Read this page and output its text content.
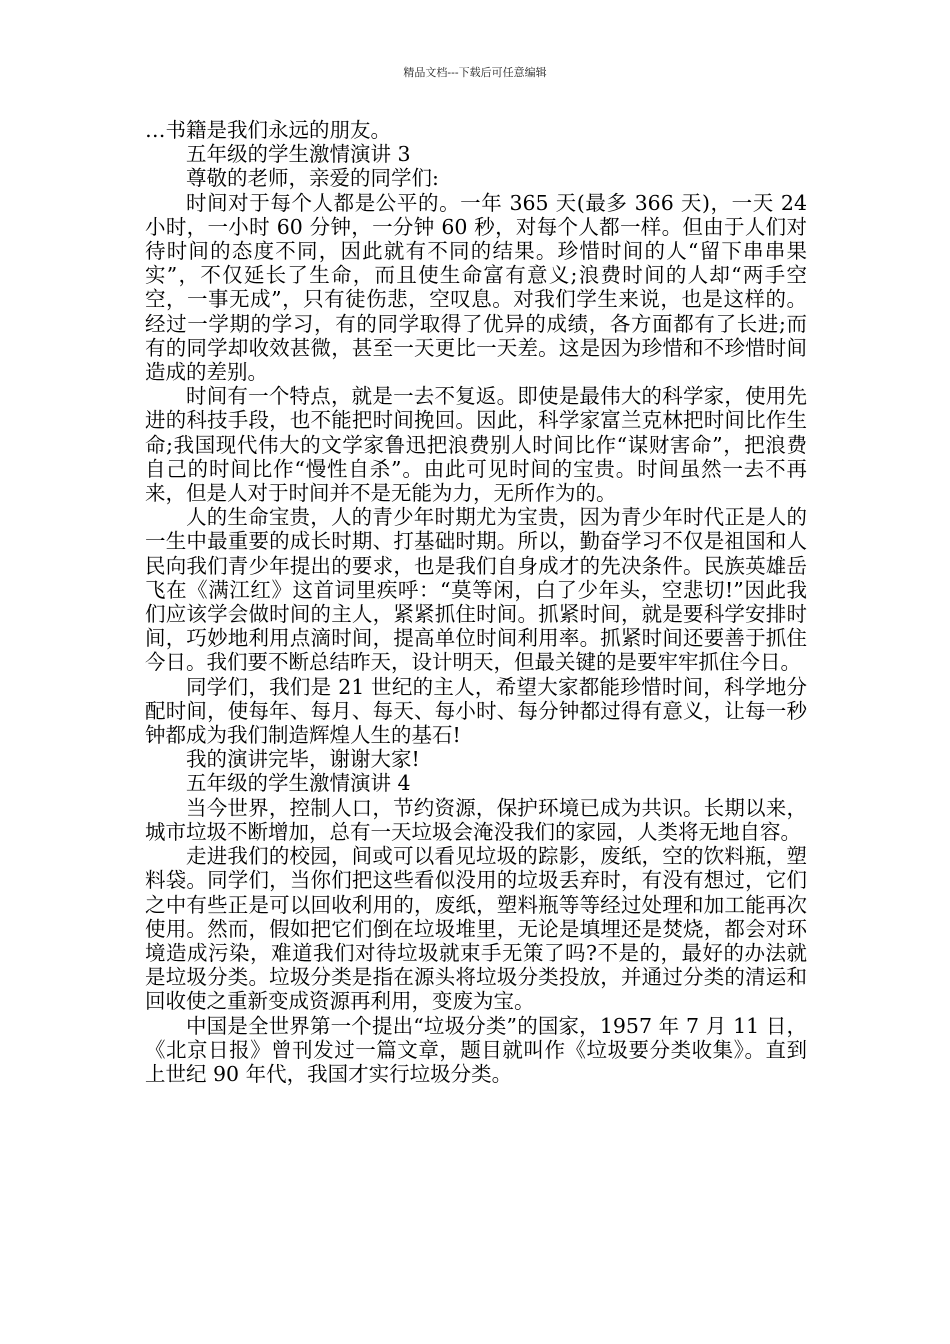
精品文档---下载后可任意编辑

…书籍是我们永远的朋友。

五年级的学生激情演讲 3

尊敬的老师，亲爱的同学们:

时间对于每个人都是公平的。一年 365 天(最多 366 天)，一天 24 小时，一小时 60 分钟，一分钟 60 秒，对每个人都一样。但由于人们对待时间的态度不同，因此就有不同的结果。珍惜时间的人“留下串串果实”，不仅延长了生命，而且使生命富有意义;浪费时间的人却“两手空空，一事无成”，只有徒伤悲，空叹息。对我们学生来说，也是这样的。经过一学期的学习，有的同学取得了优异的成绩，各方面都有了长进;而有的同学却收效甚微，甚至一天更比一天差。这是因为珍惜和不珍惜时间造成的差别。

时间有一个特点，就是一去不复返。即使是最伟大的科学家，使用先进的科技手段，也不能把时间挽回。因此，科学家富兰克林把时间比作生命;我国现代伟大的文学家鲁迅把浪费别人时间比作“谋财害命”，把浪费自己的时间比作“慢性自杀”。由此可见时间的宝贵。时间虽然一去不再来，但是人对于时间并不是无能为力，无所作为的。

人的生命宝贵，人的青少年时期尤为宝贵，因为青少年时代正是人的一生中最重要的成长时期、打基础时期。所以，勤奋学习不仅是祖国和人民向我们青少年提出的要求，也是我们自身成才的先决条件。民族英雄岳飞在《满江红》这首词里疾呼：“莫等闲，白了少年头，空悲切!”因此我们应该学会做时间的主人，紧紧抓住时间。抓紧时间，就是要科学安排时间，巧妙地利用点滴时间，提高单位时间利用率。抓紧时间还要善于抓住今日。我们要不断总结昨天，设计明天，但最关键的是要牢牢抓住今日。

同学们，我们是 21 世纪的主人，希望大家都能珍惜时间，科学地分配时间，使每年、每月、每天、每小时、每分钟都过得有意义，让每一秒钟都成为我们制造辉煌人生的基石!

我的演讲完毕，谢谢大家!

五年级的学生激情演讲 4

当今世界，控制人口，节约资源，保护环境已成为共识。长期以来，城市垃圾不断增加，总有一天垃圾会淹没我们的家园，人类将无地自容。

走进我们的校园，间或可以看见垃圾的踪影，废纸，空的饮料瓶，塑料袋。同学们，当你们把这些看似没用的垃圾丢弃时，有没有想过，它们之中有些正是可以回收利用的，废纸，塑料瓶等等经过处理和加工能再次使用。然而，假如把它们倒在垃圾堆里，无论是填埋还是焚烧，都会对环境造成污染，难道我们对待垃圾就束手无策了吗?不是的，最好的办法就是垃圾分类。垃圾分类是指在源头将垃圾分类投放，并通过分类的清运和回收使之重新变成资源再利用，变废为宝。

中国是全世界第一个提出“垃圾分类”的国家，1957 年 7 月 11 日，《北京日报》曾刊发过一篇文章，题目就叫作《垃圾要分类收集》。直到上世纪 90 年代，我国才实行垃圾分类。
